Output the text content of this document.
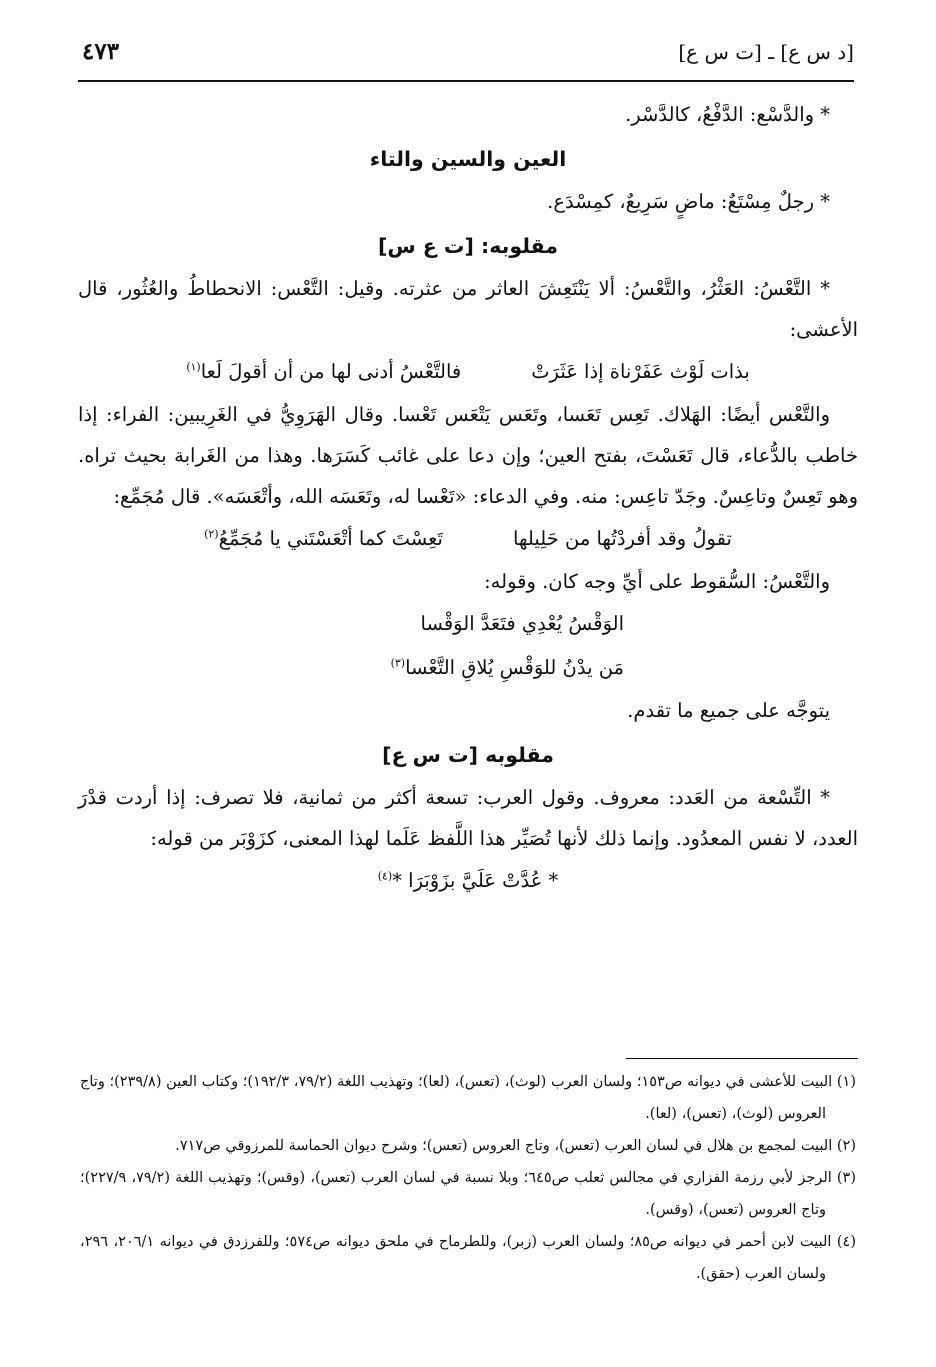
[د س ع] ـ [ت س ع]
٤٧٣

* والدَّسْع: الدَّفْعُ، كالدَّسْر.

العين والسين والتاء

* رجلٌ مِسْتَعٌ: ماضٍ سَرِيعٌ، كمِسْدَع.

مقلوبه: [ت ع س]

* التَّعْسُ: العَثْرُ، والتَّعْسُ: ألا يَنْتَعِشَ العاثر من عثرته. وقيل: التَّعْس: الانحطاطُ والعُثُور، قال الأعشى:

بذات لَوْث عَفَرْناة إذا عَثَرَتْ
فالتَّعْسُ أدنى لها من أن أقولَ لَعا$^{(١)}$

والتَّعْس أيضًا: الهَلاك. تَعِس تَعَسا، وتَعَس يَتْعَس تَعْسا. وقال الهَرَوِيُّ في الغَرِيبين: الفراء: إذا خاطب بالدُّعاء، قال تَعَسْتَ، بفتح العين؛ وإن دعا على غائب كَسَرَها. وهذا من الغَرابة بحيث تراه. وهو تَعِسٌ وتاعِسٌ. وجَدّ تاعِس: منه. وفي الدعاء: «تَعْسا له، وتَعَسَه الله، وأتْعَسَه». قال مُجَمِّع:

تقولُ وقد أفردْتُها من حَلِيلها
تَعِسْتَ كما أتْعَسْتَني يا مُجَمِّعُ$^{(٢)}$

والتَّعْسُ: السُّقوط على أيِّ وجه كان. وقوله:

الوَقْسُ يُعْدِي فتَعَدَّ الوَقْسا
مَن يدْنُ للوَقْسِ يُلاقِ التَّعْسا$^{(٣)}$

يتوجَّه على جميع ما تقدم.

مقلوبه [ت س ع]

* التِّسْعة من العَدد: معروف. وقول العرب: تسعة أكثر من ثمانية، فلا تصرف: إذا أردت قدْرَ العدد، لا نفس المعدُود. وإنما ذلك لأنها تُصَيِّر هذا اللَّفظ عَلَما لهذا المعنى، كزَوْبَر من قوله:

* عُدَّتْ عَلَيَّ بزَوْبَرَا *$^{(٤)}$

(١) البيت للأعشى في ديوانه ص١٥٣؛ ولسان العرب (لوث)، (تعس)، (لعا)؛ وتهذيب اللغة (٧٩/٢، ١٩٢/٣)؛ وكتاب العين (٢٣٩/٨)؛ وتاج العروس (لوث)، (تعس)، (لعا).

(٢) البيت لمجمع بن هلال في لسان العرب (تعس)، وتاج العروس (تعس)؛ وشرح ديوان الحماسة للمرزوقي ص٧١٧.

(٣) الرجز لأبي رزمة الفزاري في مجالس ثعلب ص٦٤٥؛ وبلا نسبة في لسان العرب (تعس)، (وقس)؛ وتهذيب اللغة (٧٩/٢، ٢٢٧/٩)؛ وتاج العروس (تعس)، (وقس).

(٤) البيت لابن أحمر في ديوانه ص٨٥؛ ولسان العرب (زبر)، وللطرماح في ملحق ديوانه ص٥٧٤؛ وللفرزدق في ديوانه ٢٠٦/١، ٢٩٦، ولسان العرب (حقق).
